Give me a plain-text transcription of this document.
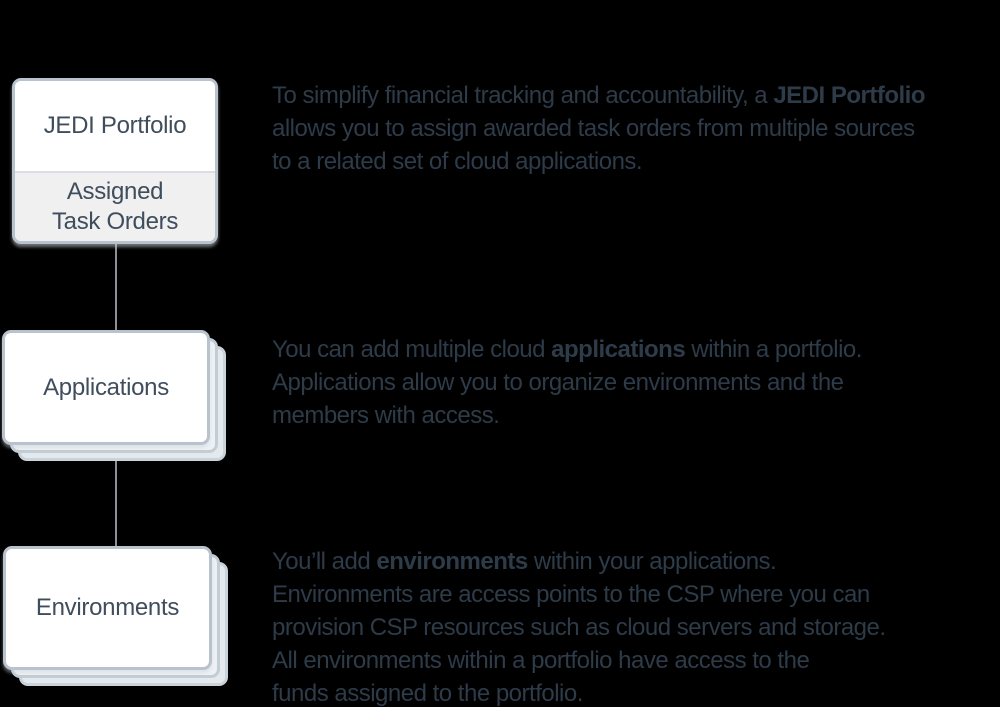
JEDI Portfolio
Assigned
Task Orders
Applications
Environments
To simplify financial tracking and accountability, a JEDI Portfolio
allows you to assign awarded task orders from multiple sources
to a related set of cloud applications.
You can add multiple cloud applications within a portfolio.
Applications allow you to organize environments and the
members with access.
You’ll add environments within your applications.
Environments are access points to the CSP where you can
provision CSP resources such as cloud servers and storage.
All environments within a portfolio have access to the
funds assigned to the portfolio.
